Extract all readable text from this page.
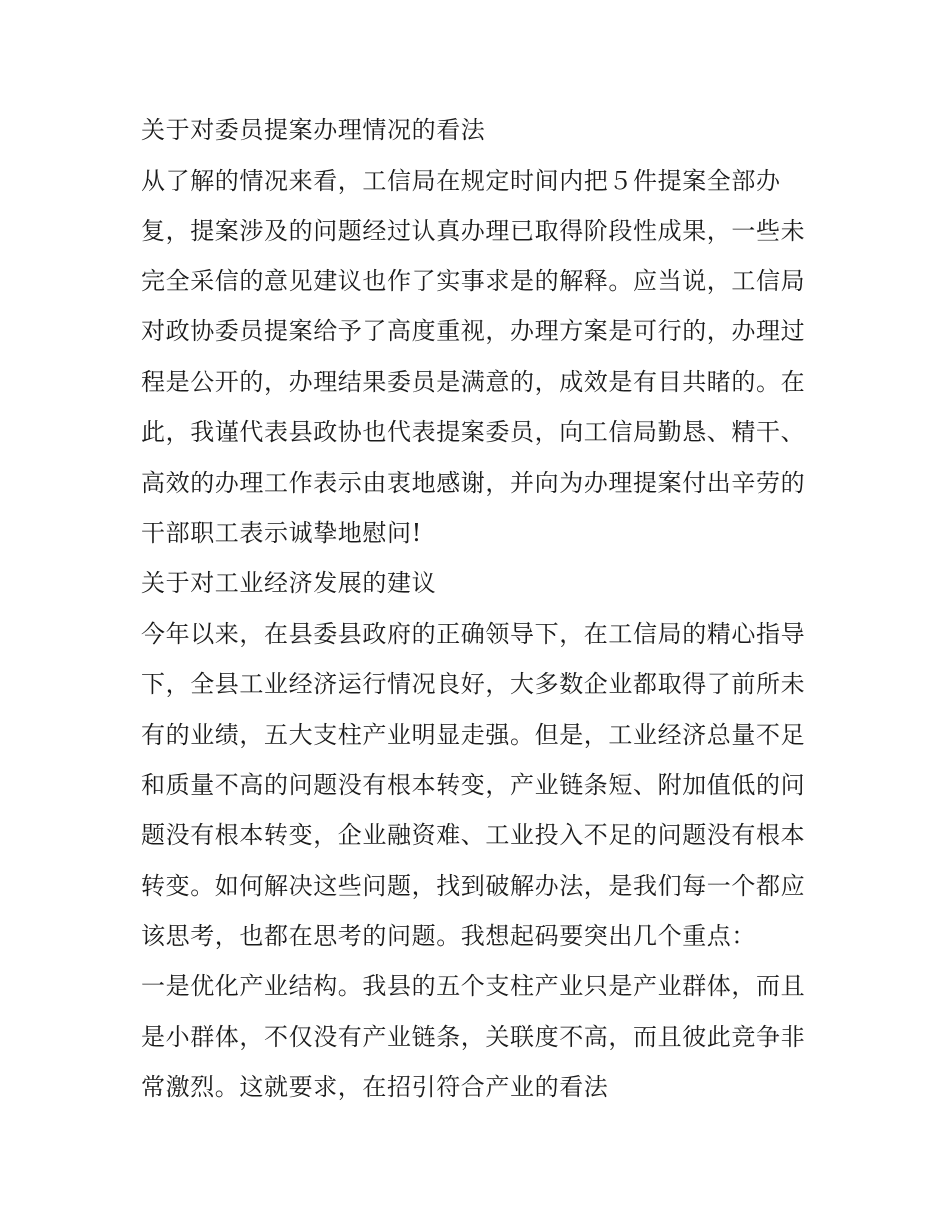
关于对委员提案办理情况的看法
从了解的情况来看，工信局在规定时间内把５件提案全部办
复，提案涉及的问题经过认真办理已取得阶段性成果，一些未
完全采信的意见建议也作了实事求是的解释。应当说，工信局
对政协委员提案给予了高度重视，办理方案是可行的，办理过
程是公开的，办理结果委员是满意的，成效是有目共睹的。在
此，我谨代表县政协也代表提案委员，向工信局勤恳、精干、
高效的办理工作表示由衷地感谢，并向为办理提案付出辛劳的
干部职工表示诚挚地慰问!
关于对工业经济发展的建议
今年以来，在县委县政府的正确领导下，在工信局的精心指导
下，全县工业经济运行情况良好，大多数企业都取得了前所未
有的业绩，五大支柱产业明显走强。但是，工业经济总量不足
和质量不高的问题没有根本转变，产业链条短、附加值低的问
题没有根本转变，企业融资难、工业投入不足的问题没有根本
转变。如何解决这些问题，找到破解办法，是我们每一个都应
该思考，也都在思考的问题。我想起码要突出几个重点：
一是优化产业结构。我县的五个支柱产业只是产业群体，而且
是小群体，不仅没有产业链条，关联度不高，而且彼此竞争非
常激烈。这就要求，在招引符合产业的看法
